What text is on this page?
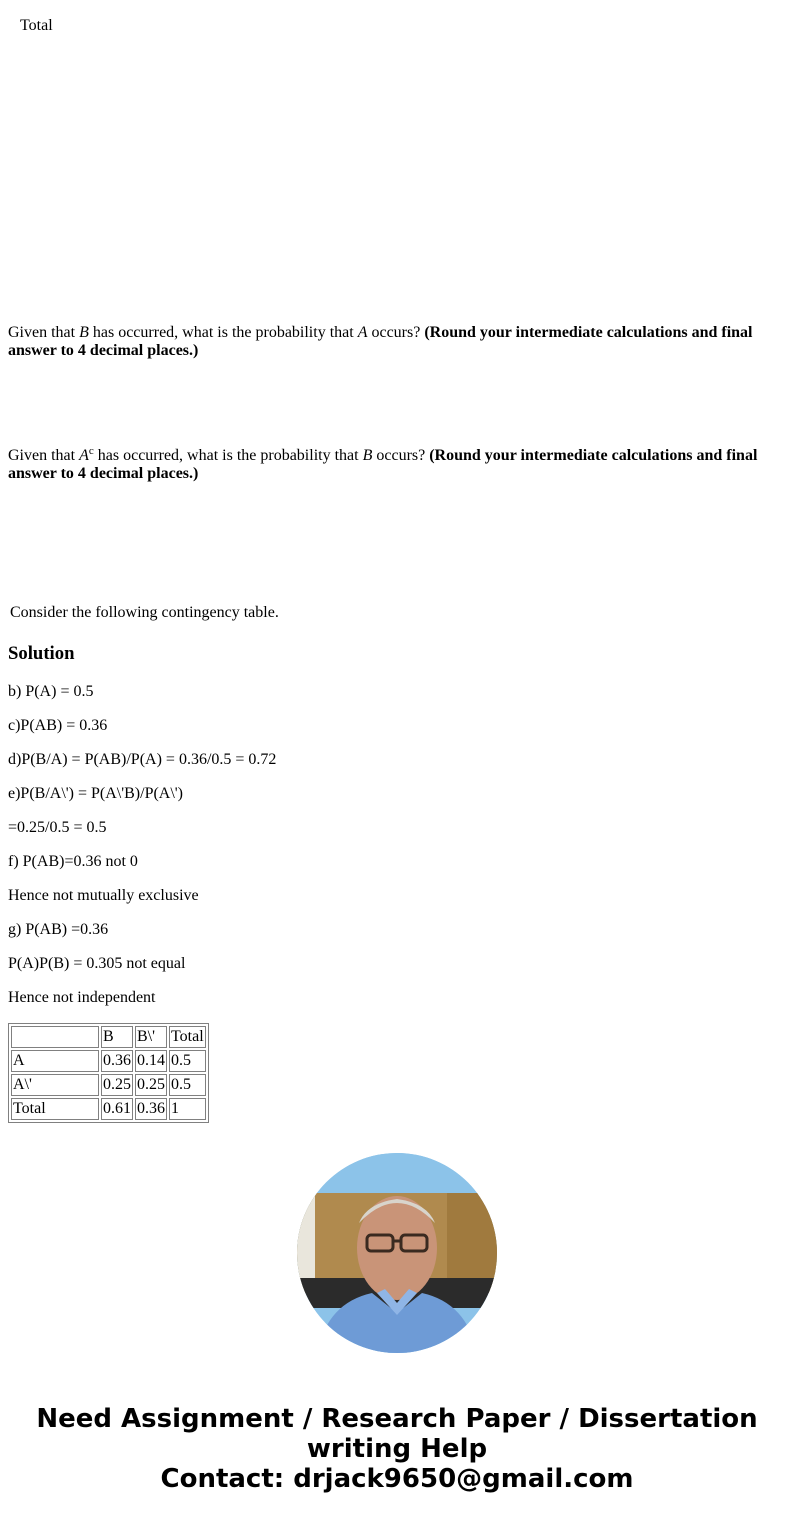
Total
Given that B has occurred, what is the probability that A occurs? (Round your intermediate calculations and final answer to 4 decimal places.)
Given that $A^c$ has occurred, what is the probability that B occurs? (Round your intermediate calculations and final answer to 4 decimal places.)
Consider the following contingency table.
Solution
b) P(A) = 0.5
c)P(AB) = 0.36
d)P(B/A) = P(AB)/P(A) = 0.36/0.5 = 0.72
e)P(B/A\') = P(A\'B)/P(A\')
=0.25/0.5 = 0.5
f) P(AB)=0.36 not 0
Hence not mutually exclusive
g) P(AB) =0.36
P(A)P(B) = 0.305 not equal
Hence not independent
	B	B\'	Total
A	0.36	0.14	0.5
A\'	0.25	0.25	0.5
Total	0.61	0.36	1
Need Assignment / Research Paper / Dissertation
writing Help
Contact: drjack9650@gmail.com
